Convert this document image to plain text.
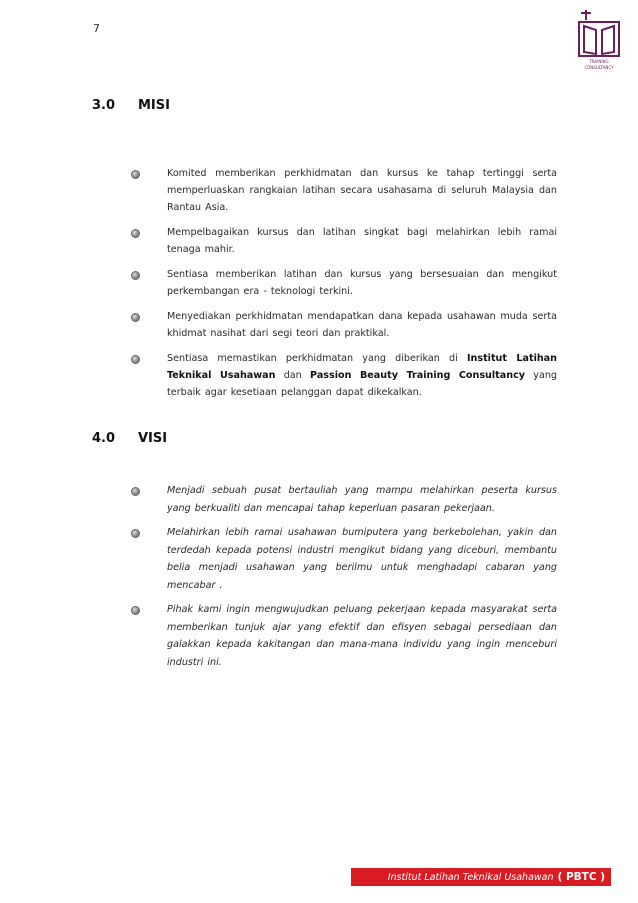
7
TRAINING
CONSULTANCY
3.0 MISI
Komited memberikan perkhidmatan dan kursus ke tahap tertinggi serta memperluaskan rangkaian latihan secara usahasama di seluruh Malaysia dan Rantau Asia.
Mempelbagaikan kursus dan latihan singkat bagi melahirkan lebih ramai tenaga mahir.
Sentiasa memberikan latihan dan kursus yang bersesuaian dan mengikut perkembangan era - teknologi terkini.
Menyediakan perkhidmatan mendapatkan dana kepada usahawan muda serta khidmat nasihat dari segi teori dan praktikal.
Sentiasa memastikan perkhidmatan yang diberikan di Institut Latihan Teknikal Usahawan dan Passion Beauty Training Consultancy yang terbaik agar kesetiaan pelanggan dapat dikekalkan.
4.0 VISI
Menjadi sebuah pusat bertauliah yang mampu melahirkan peserta kursus yang berkualiti dan mencapai tahap keperluan pasaran pekerjaan.
Melahirkan lebih ramai usahawan bumiputera yang berkebolehan, yakin dan terdedah kepada potensi industri mengikut bidang yang diceburi, membantu belia menjadi usahawan yang berilmu untuk menghadapi cabaran yang mencabar .
Pihak kami ingin mengwujudkan peluang pekerjaan kepada masyarakat serta memberikan tunjuk ajar yang efektif dan efisyen sebagai persediaan dan galakkan kepada kakitangan dan mana-mana individu yang ingin menceburi industri ini.
Institut Latihan Teknikal Usahawan ( PBTC )
